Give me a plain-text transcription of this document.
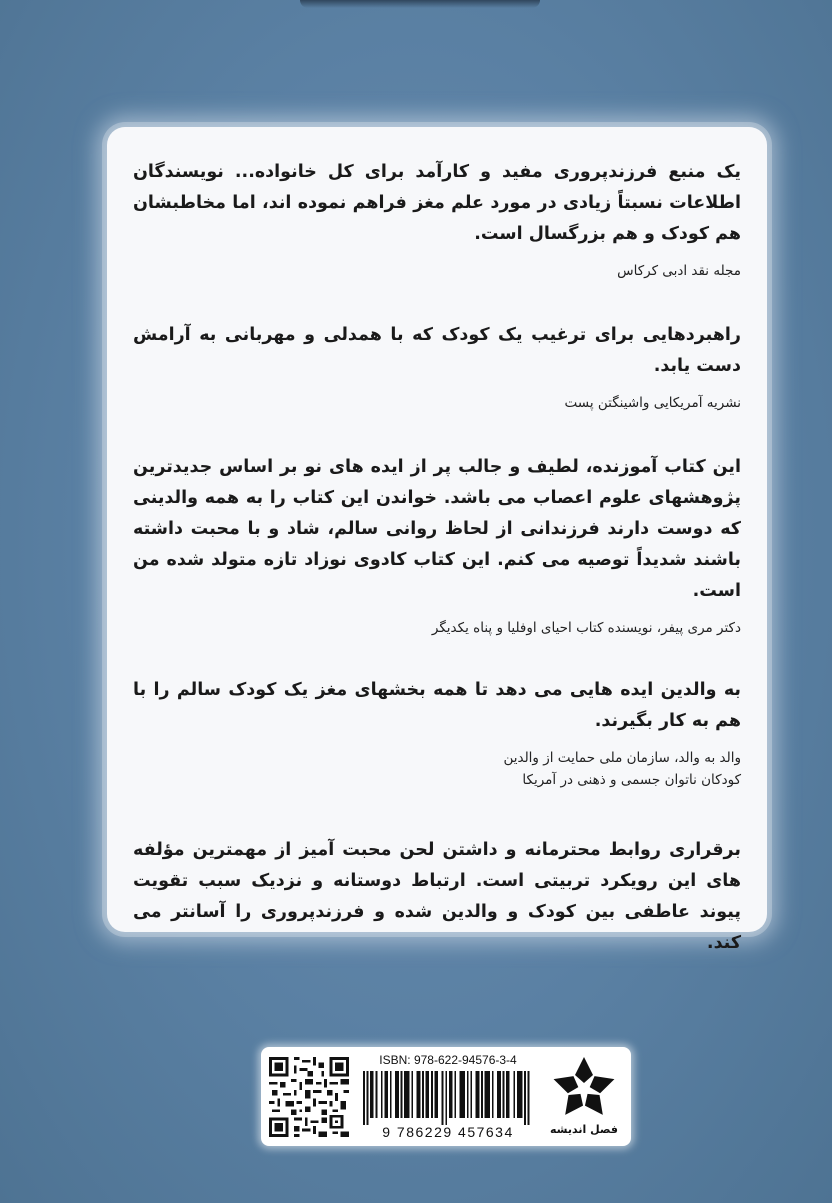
یک منبع فرزندپروری مفید و کارآمد برای کل خانواده... نویسندگان اطلاعات نسبتاً زیادی در مورد علم مغز فراهم نموده اند، اما مخاطبشان هم کودک و هم بزرگسال است.

مجله نقد ادبی کرکاس

راهبردهایی برای ترغیب یک کودک که با همدلی و مهربانی به آرامش دست یابد.

نشریه آمریکایی واشینگتن پست

این کتاب آموزنده، لطیف و جالب پر از ایده های نو بر اساس جدیدترین پژوهشهای علوم اعصاب می باشد. خواندن این کتاب را به همه والدینی که دوست دارند فرزندانی از لحاظ روانی سالم، شاد و با محبت داشته باشند شدیداً توصیه می کنم. این کتاب کادوی نوزاد تازه متولد شده من است.

دکتر مری پیفر، نویسنده کتاب احیای اوفلیا و پناه یکدیگر

به والدین ایده هایی می دهد تا همه بخشهای مغز یک کودک سالم را با هم به کار بگیرند.

والد به والد، سازمان ملی حمایت از والدین
کودکان ناتوان جسمی و ذهنی در آمریکا

برقراری روابط محترمانه و داشتن لحن محبت آمیز از مهمترین مؤلفه های این رویکرد تربیتی است. ارتباط دوستانه و نزدیک سبب تقویت پیوند عاطفی بین کودک و والدین شده و فرزندپروری را آسانتر می کند.

ISBN: 978-622-94576-3-4
9 786229 457634	فصل اندیشه
